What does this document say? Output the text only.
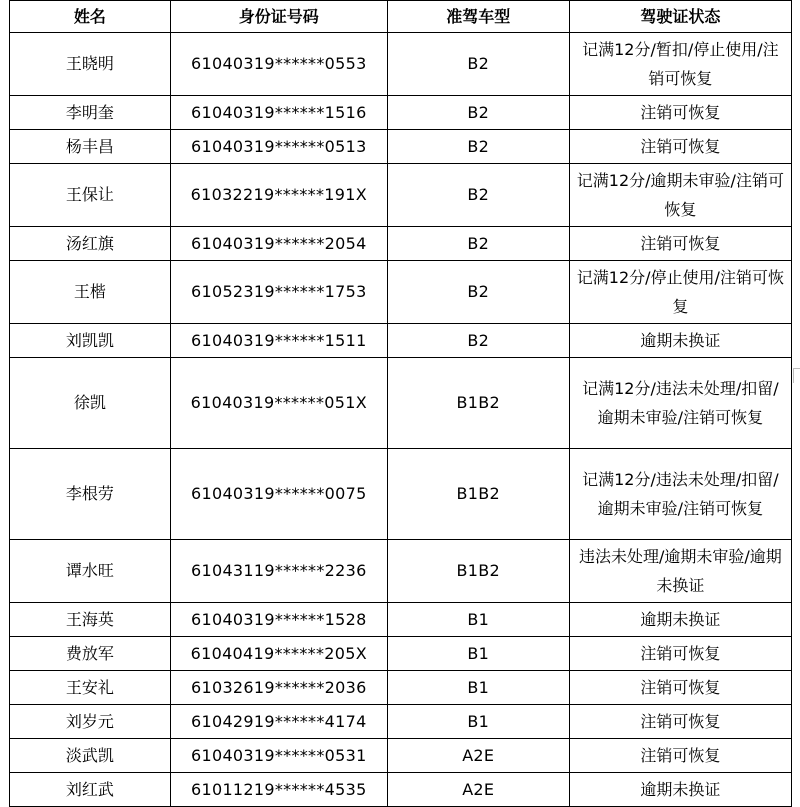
姓名	身份证号码	准驾车型	驾驶证状态
王晓明	61040319******0553	B2	记满12分/暂扣/停止使用/注销可恢复
李明奎	61040319******1516	B2	注销可恢复
杨丰昌	61040319******0513	B2	注销可恢复
王保让	61032219******191X	B2	记满12分/逾期未审验/注销可恢复
汤红旗	61040319******2054	B2	注销可恢复
王楷	61052319******1753	B2	记满12分/停止使用/注销可恢复
刘凯凯	61040319******1511	B2	逾期未换证
徐凯	61040319******051X	B1B2	记满12分/违法未处理/扣留/逾期未审验/注销可恢复
李根劳	61040319******0075	B1B2	记满12分/违法未处理/扣留/逾期未审验/注销可恢复
谭水旺	61043119******2236	B1B2	违法未处理/逾期未审验/逾期未换证
王海英	61040319******1528	B1	逾期未换证
费放军	61040419******205X	B1	注销可恢复
王安礼	61032619******2036	B1	注销可恢复
刘岁元	61042919******4174	B1	注销可恢复
淡武凯	61040319******0531	A2E	注销可恢复
刘红武	61011219******4535	A2E	逾期未换证
